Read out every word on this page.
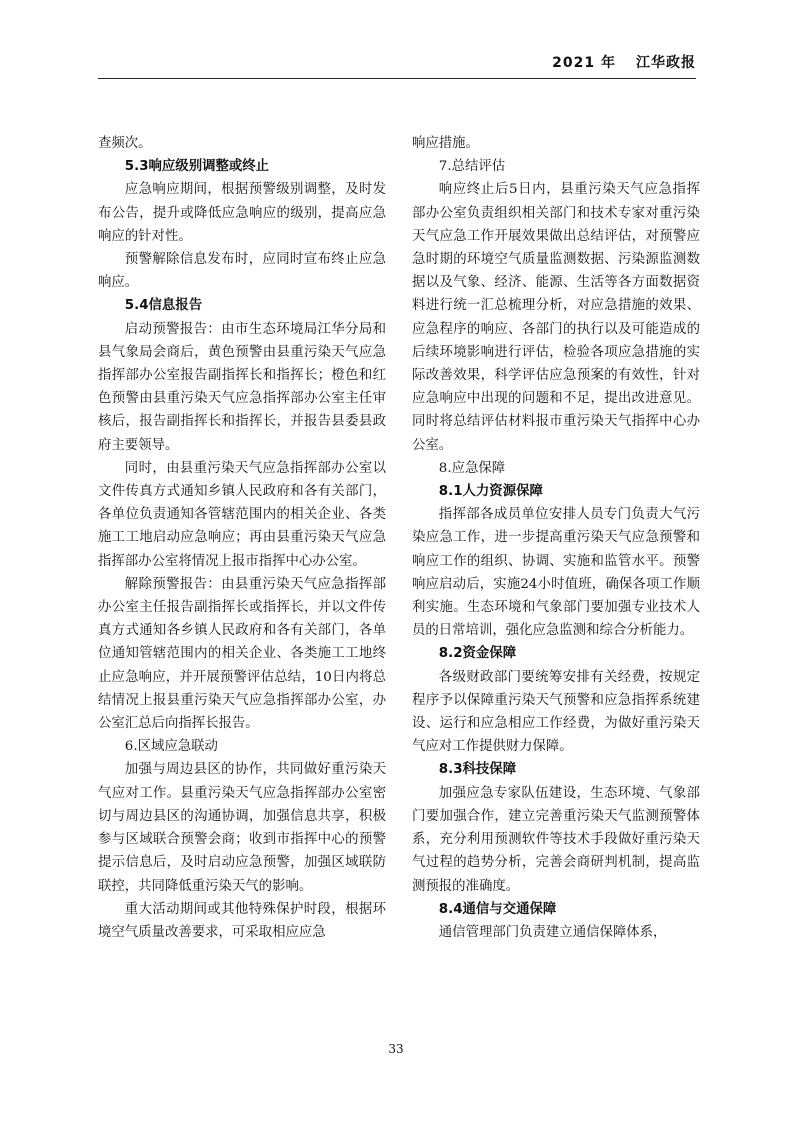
2021 年 江华政报

查频次。

5.3响应级别调整或终止

应急响应期间，根据预警级别调整，及时发布公告，提升或降低应急响应的级别，提高应急响应的针对性。

预警解除信息发布时，应同时宣布终止应急响应。

5.4信息报告

启动预警报告：由市生态环境局江华分局和县气象局会商后，黄色预警由县重污染天气应急指挥部办公室报告副指挥长和指挥长；橙色和红色预警由县重污染天气应急指挥部办公室主任审核后，报告副指挥长和指挥长，并报告县委县政府主要领导。

同时，由县重污染天气应急指挥部办公室以文件传真方式通知乡镇人民政府和各有关部门，各单位负责通知各管辖范围内的相关企业、各类施工工地启动应急响应；再由县重污染天气应急指挥部办公室将情况上报市指挥中心办公室。

解除预警报告：由县重污染天气应急指挥部办公室主任报告副指挥长或指挥长，并以文件传真方式通知各乡镇人民政府和各有关部门，各单位通知管辖范围内的相关企业、各类施工工地终止应急响应，并开展预警评估总结，10日内将总结情况上报县重污染天气应急指挥部办公室，办公室汇总后向指挥长报告。

6.区域应急联动

加强与周边县区的协作，共同做好重污染天气应对工作。县重污染天气应急指挥部办公室密切与周边县区的沟通协调，加强信息共享，积极参与区域联合预警会商；收到市指挥中心的预警提示信息后，及时启动应急预警，加强区域联防联控，共同降低重污染天气的影响。

重大活动期间或其他特殊保护时段，根据环境空气质量改善要求，可采取相应应急

响应措施。

7.总结评估

响应终止后5日内，县重污染天气应急指挥部办公室负责组织相关部门和技术专家对重污染天气应急工作开展效果做出总结评估，对预警应急时期的环境空气质量监测数据、污染源监测数据以及气象、经济、能源、生活等各方面数据资料进行统一汇总梳理分析，对应急措施的效果、应急程序的响应、各部门的执行以及可能造成的后续环境影响进行评估，检验各项应急措施的实际改善效果，科学评估应急预案的有效性，针对应急响应中出现的问题和不足，提出改进意见。同时将总结评估材料报市重污染天气指挥中心办公室。

8.应急保障

8.1人力资源保障

指挥部各成员单位安排人员专门负责大气污染应急工作，进一步提高重污染天气应急预警和响应工作的组织、协调、实施和监管水平。预警响应启动后，实施24小时值班，确保各项工作顺利实施。生态环境和气象部门要加强专业技术人员的日常培训，强化应急监测和综合分析能力。

8.2资金保障

各级财政部门要统筹安排有关经费，按规定程序予以保障重污染天气预警和应急指挥系统建设、运行和应急相应工作经费，为做好重污染天气应对工作提供财力保障。

8.3科技保障

加强应急专家队伍建设，生态环境、气象部门要加强合作，建立完善重污染天气监测预警体系，充分利用预测软件等技术手段做好重污染天气过程的趋势分析，完善会商研判机制，提高监测预报的准确度。

8.4通信与交通保障

通信管理部门负责建立通信保障体系，

33
